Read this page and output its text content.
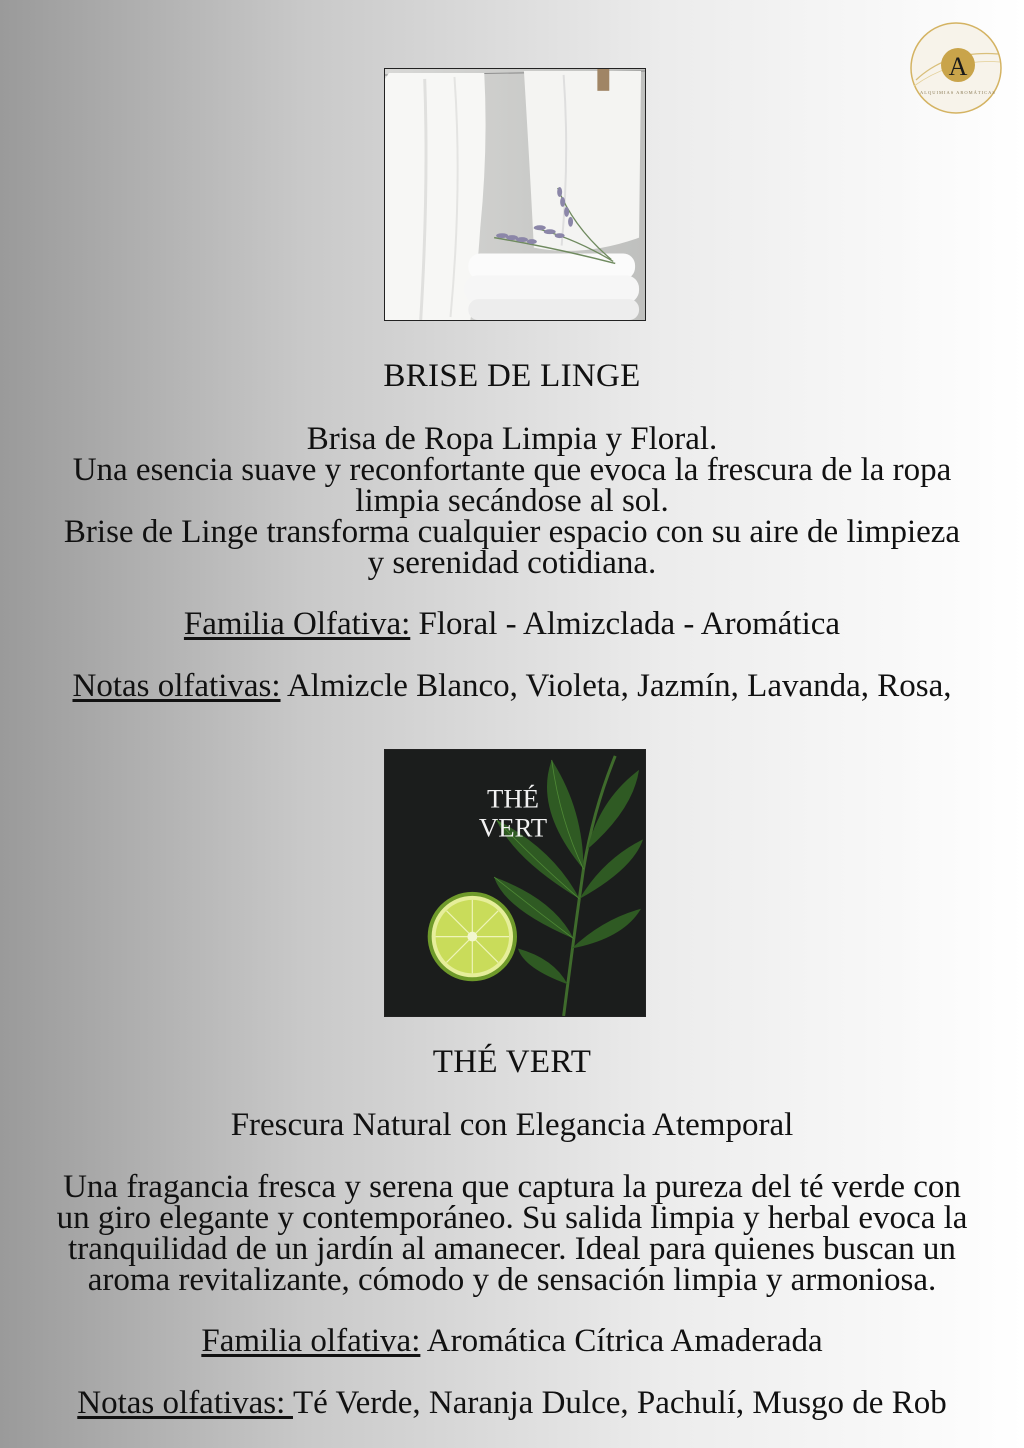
A
ALQUIMIAS AROMÁTICAS
BRISE DE LINGE
Brisa de Ropa Limpia y Floral.
Una esencia suave y reconfortante que evoca la frescura de la ropa
limpia secándose al sol.
Brise de Linge transforma cualquier espacio con su aire de limpieza
y serenidad cotidiana.
Familia Olfativa: Floral - Almizclada - Aromática
Notas olfativas: Almizcle Blanco, Violeta, Jazmín, Lavanda, Rosa,
THÉ
VERT
THÉ VERT
Frescura Natural con Elegancia Atemporal
Una fragancia fresca y serena que captura la pureza del té verde con
un giro elegante y contemporáneo. Su salida limpia y herbal evoca la
tranquilidad de un jardín al amanecer. Ideal para quienes buscan un
aroma revitalizante, cómodo y de sensación limpia y armoniosa.
Familia olfativa: Aromática Cítrica Amaderada
Notas olfativas: Té Verde, Naranja Dulce, Pachulí, Musgo de Rob
